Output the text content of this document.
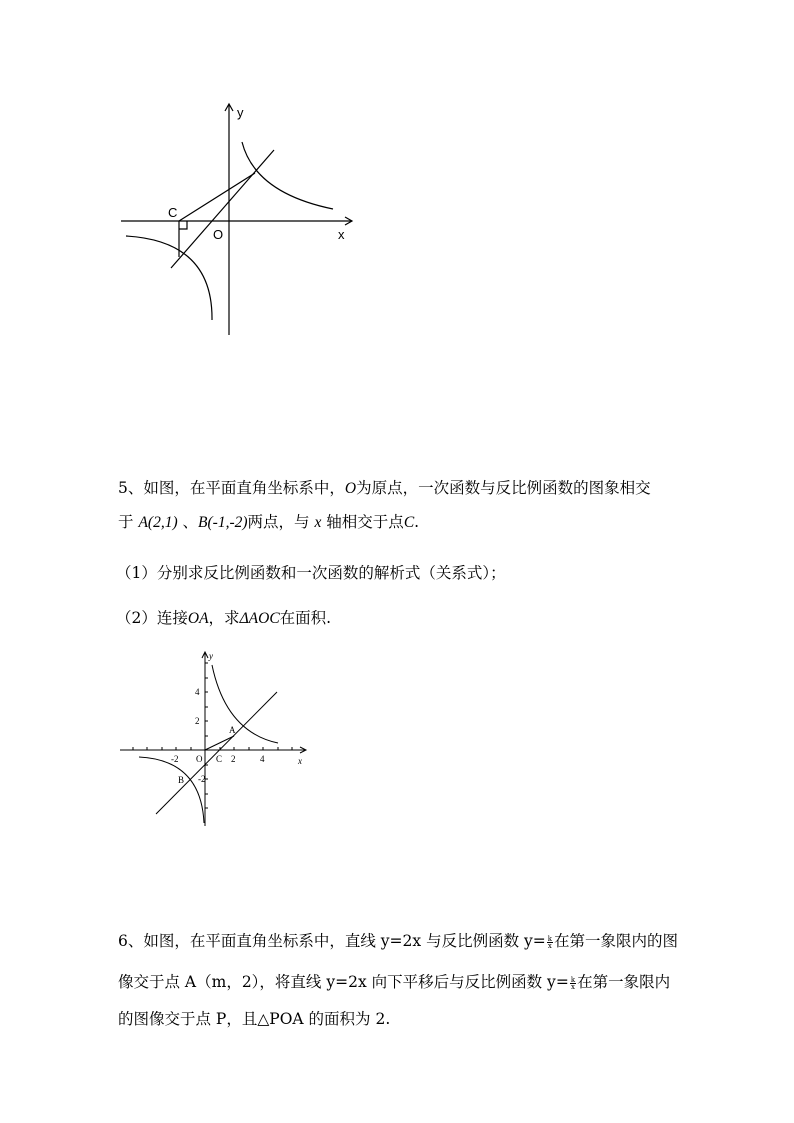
y
x
O
C
5、如图，在平面直角坐标系中，O为原点，一次函数与反比例函数的图象相交
于 A(2,1) 、B(-1,-2)两点，与 x 轴相交于点C.
（1）分别求反比例函数和一次函数的解析式（关系式）；
（2）连接OA，求ΔAOC在面积.
y
x
4
2
-2
-2	2	4
O
A
B
C
6、如图，在平面直角坐标系中，直线 y=2x 与反比例函数 $y= \frac{k}{x}$ 在第一象限内的图
像交于点 A（m，2），将直线 y=2x 向下平移后与反比例函数 $y= \frac{k}{x}$ 在第一象限内
的图像交于点 P，且△POA 的面积为 2.
